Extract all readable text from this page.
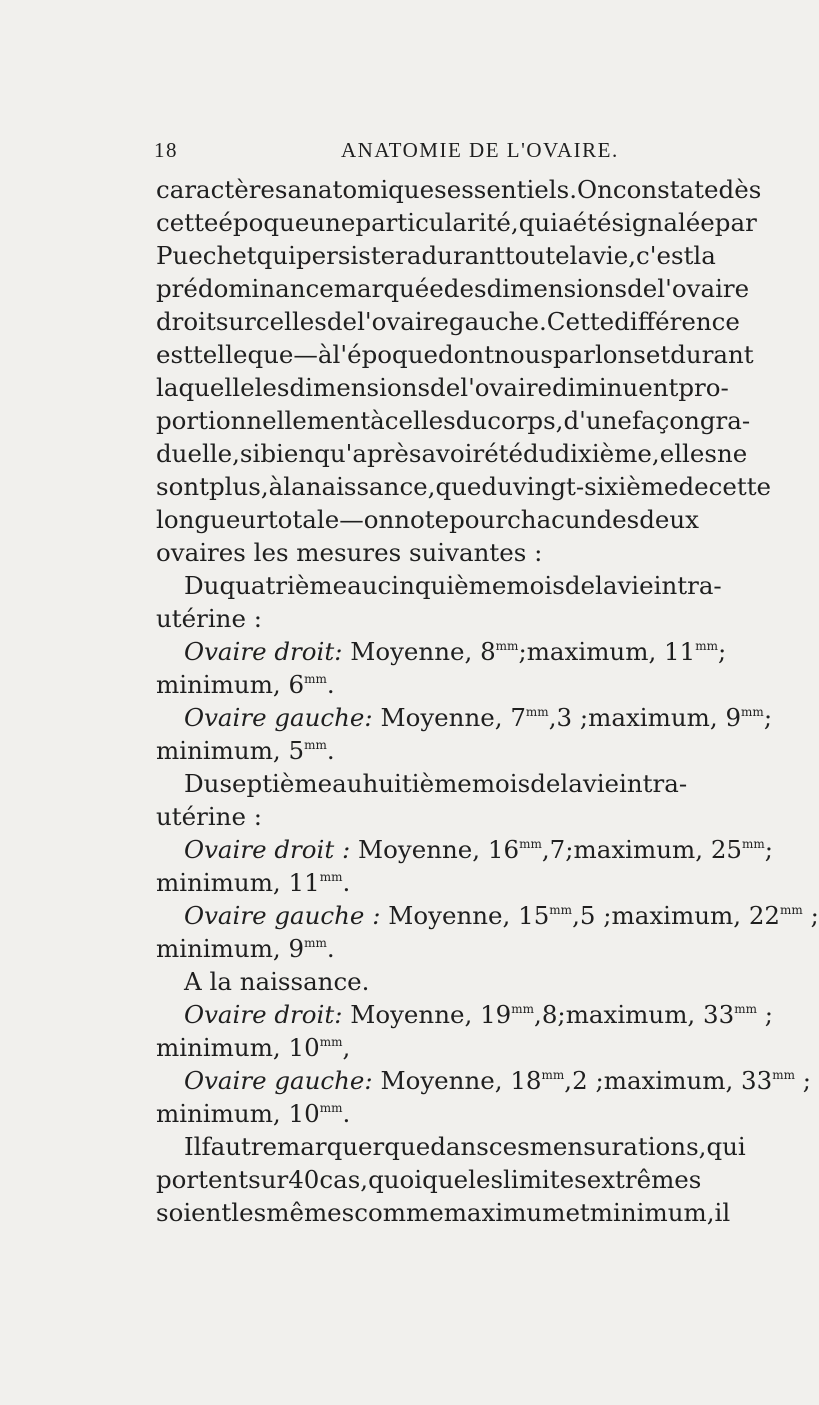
18	ANATOMIE DE L'OVAIRE.
caractères anatomiques essentiels. On constate dès
cette époque une particularité, qui a été signalée par
Puech et qui persistera durant toute la vie, c'est la
prédominance marquée des dimensions de l'ovaire
droit sur celles de l'ovaire gauche. Cette différence
est telle que — à l'époque dont nous parlons et durant
laquelle les dimensions de l'ovaire diminuent pro-
portionnellement à celles du corps, d'une façon gra-
duelle, si bien qu'après avoir été du dixième, elles ne
sont plus, à la naissance, que du vingt-sixième de cette
longueur totale — on note pour chacun des deux
ovaires les mesures suivantes :
Du quatrième au cinquième mois de la vie intra-
utérine :
Ovaire droit: Moyenne, $8^{mm}$; maximum, $11^{mm}$;
minimum, $6^{mm}$.
Ovaire gauche: Moyenne, $7^{mm},3$ ; maximum, $9^{mm}$;
minimum, $5^{mm}$.
Du septième au huitième mois de la vie intra-
utérine :
Ovaire droit : Moyenne, $16^{mm},7$; maximum, $25^{mm}$;
minimum, $11^{mm}$.
Ovaire gauche : Moyenne, $15^{mm},5$ ; maximum, $22^{mm}$ ;
minimum, $9^{mm}$.
A la naissance.
Ovaire droit: Moyenne, $19^{mm},8$; maximum, $33^{mm}$ ;
minimum, $10^{mm}$,
Ovaire gauche: Moyenne, $18^{mm},2$ ; maximum, $33^{mm}$ ;
minimum, $10^{mm}$.
Il faut remarquer que dans ces mensurations, qui
portent sur 40 cas, quoique les limites extrêmes
soient les mêmes comme maximum et minimum, il
